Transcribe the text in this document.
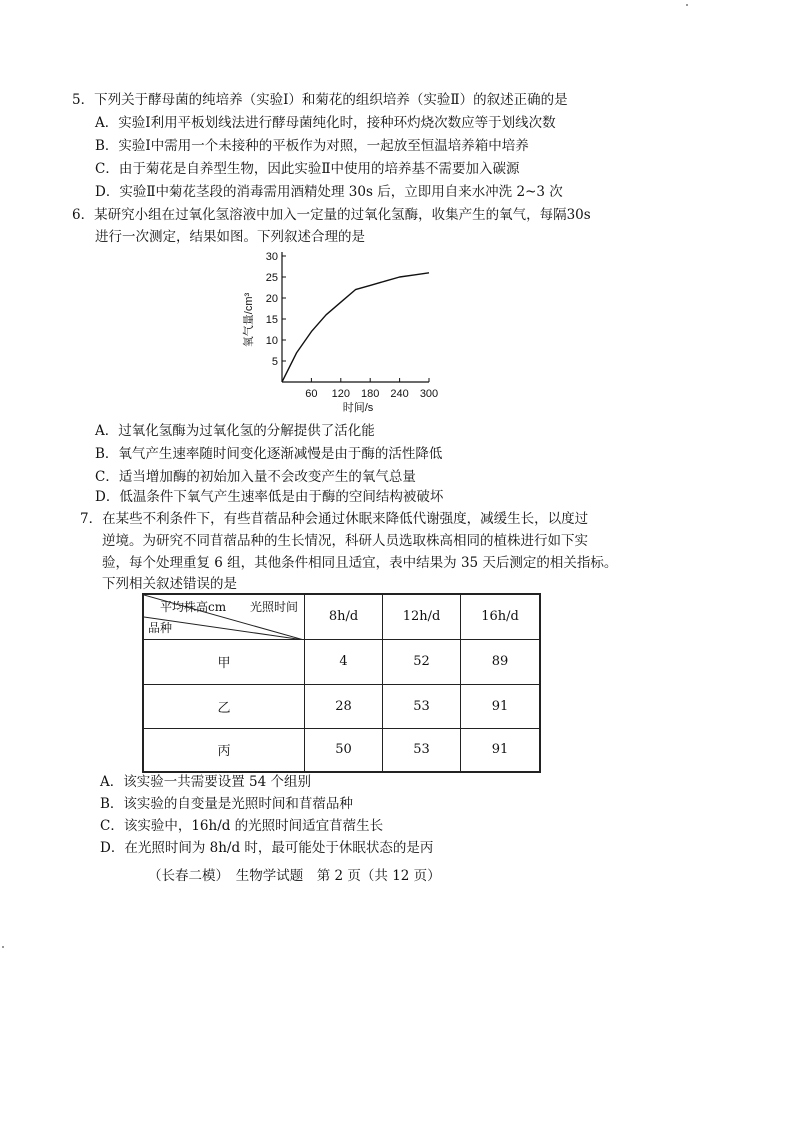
5．下列关于酵母菌的纯培养（实验Ⅰ）和菊花的组织培养（实验Ⅱ）的叙述正确的是
A．实验Ⅰ利用平板划线法进行酵母菌纯化时，接种环灼烧次数应等于划线次数
B．实验Ⅰ中需用一个未接种的平板作为对照，一起放至恒温培养箱中培养
C．由于菊花是自养型生物，因此实验Ⅱ中使用的培养基不需要加入碳源
D．实验Ⅱ中菊花茎段的消毒需用酒精处理 30s 后，立即用自来水冲洗 2~3 次
6．某研究小组在过氧化氢溶液中加入一定量的过氧化氢酶，收集产生的氧气，每隔30s
进行一次测定，结果如图。下列叙述合理的是
氧气量/cm³
时间/s
5
10
15
20
25
30
60 120 180 240 300
A．过氧化氢酶为过氧化氢的分解提供了活化能
B．氧气产生速率随时间变化逐渐减慢是由于酶的活性降低
C．适当增加酶的初始加入量不会改变产生的氧气总量
D．低温条件下氧气产生速率低是由于酶的空间结构被破坏
7．在某些不利条件下，有些苜蓿品种会通过休眠来降低代谢强度，减缓生长，以度过
逆境。为研究不同苜蓿品种的生长情况，科研人员选取株高相同的植株进行如下实
验，每个处理重复 6 组，其他条件相同且适宜，表中结果为 35 天后测定的相关指标。
下列相关叙述错误的是
平均株高cm 光照时间
品种	8h/d	12h/d	16h/d
甲	4	52	89
乙	28	53	91
丙	50	53	91
A．该实验一共需要设置 54 个组别
B．该实验的自变量是光照时间和苜蓿品种
C．该实验中，16h/d 的光照时间适宜苜蓿生长
D．在光照时间为 8h/d 时，最可能处于休眠状态的是丙
（长春二模）　生物学试题　第 2 页（共 12 页）
